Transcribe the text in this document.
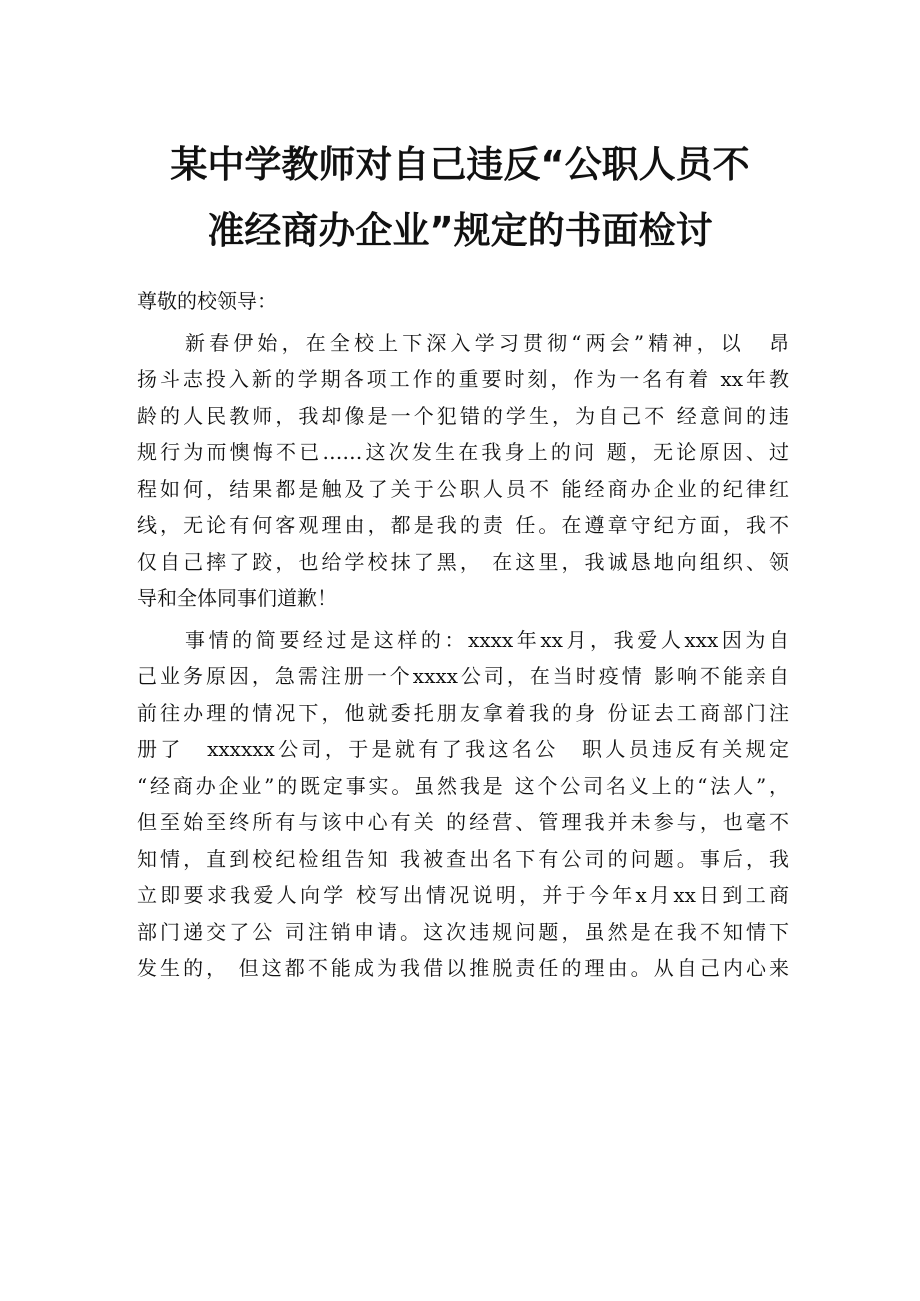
某中学教师对自己违反“公职人员不
准经商办企业”规定的书面检讨
尊敬的校领导：
新春伊始，在全校上下深入学习贯彻“两会”精神，以　昂
扬斗志投入新的学期各项工作的重要时刻，作为一名有着 xx年教
龄的人民教师，我却像是一个犯错的学生，为自己不 经意间的违
规行为而懊悔不已……这次发生在我身上的问 题，无论原因、过
程如何，结果都是触及了关于公职人员不 能经商办企业的纪律红
线，无论有何客观理由，都是我的责 任。在遵章守纪方面，我不
仅自己摔了跤，也给学校抹了黑， 在这里，我诚恳地向组织、领
导和全体同事们道歉！
事情的简要经过是这样的：xxxx年xx月，我爱人xxx因为自
己业务原因，急需注册一个xxxx公司，在当时疫情 影响不能亲自
前往办理的情况下，他就委托朋友拿着我的身 份证去工商部门注
册了　xxxxxx公司，于是就有了我这名公　职人员违反有关规定
“经商办企业”的既定事实。虽然我是 这个公司名义上的“法人”，
但至始至终所有与该中心有关 的经营、管理我并未参与，也毫不
知情，直到校纪检组告知 我被查出名下有公司的问题。事后，我
立即要求我爱人向学 校写出情况说明，并于今年x月xx日到工商
部门递交了公 司注销申请。这次违规问题，虽然是在我不知情下
发生的， 但这都不能成为我借以推脱责任的理由。从自己内心来
